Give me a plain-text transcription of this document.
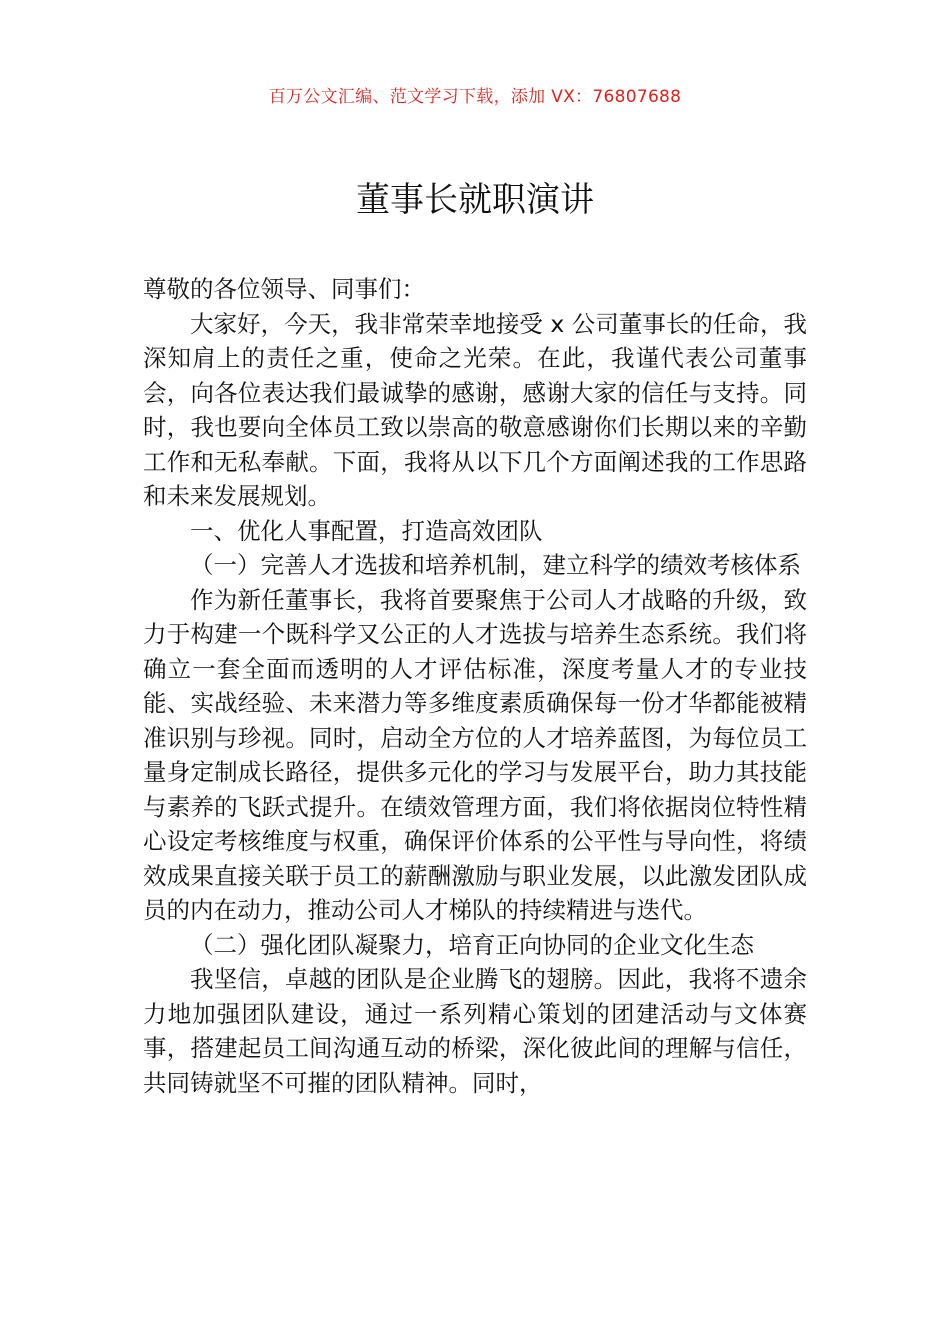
百万公文汇编、范文学习下载，添加 VX：76807688
董事长就职演讲

尊敬的各位领导、同事们：

大家好，今天，我非常荣幸地接受 x 公司董事长的任命，我深知肩上的责任之重，使命之光荣。在此，我谨代表公司董事会，向各位表达我们最诚挚的感谢，感谢大家的信任与支持。同时，我也要向全体员工致以崇高的敬意感谢你们长期以来的辛勤工作和无私奉献。下面，我将从以下几个方面阐述我的工作思路和未来发展规划。

一、优化人事配置，打造高效团队

（一）完善人才选拔和培养机制，建立科学的绩效考核体系

作为新任董事长，我将首要聚焦于公司人才战略的升级，致力于构建一个既科学又公正的人才选拔与培养生态系统。我们将确立一套全面而透明的人才评估标准，深度考量人才的专业技能、实战经验、未来潜力等多维度素质确保每一份才华都能被精准识别与珍视。同时，启动全方位的人才培养蓝图，为每位员工量身定制成长路径，提供多元化的学习与发展平台，助力其技能与素养的飞跃式提升。在绩效管理方面，我们将依据岗位特性精心设定考核维度与权重，确保评价体系的公平性与导向性，将绩效成果直接关联于员工的薪酬激励与职业发展，以此激发团队成员的内在动力，推动公司人才梯队的持续精进与迭代。

（二）强化团队凝聚力，培育正向协同的企业文化生态

我坚信，卓越的团队是企业腾飞的翅膀。因此，我将不遗余力地加强团队建设，通过一系列精心策划的团建活动与文体赛事，搭建起员工间沟通互动的桥梁，深化彼此间的理解与信任，共同铸就坚不可摧的团队精神。同时，
